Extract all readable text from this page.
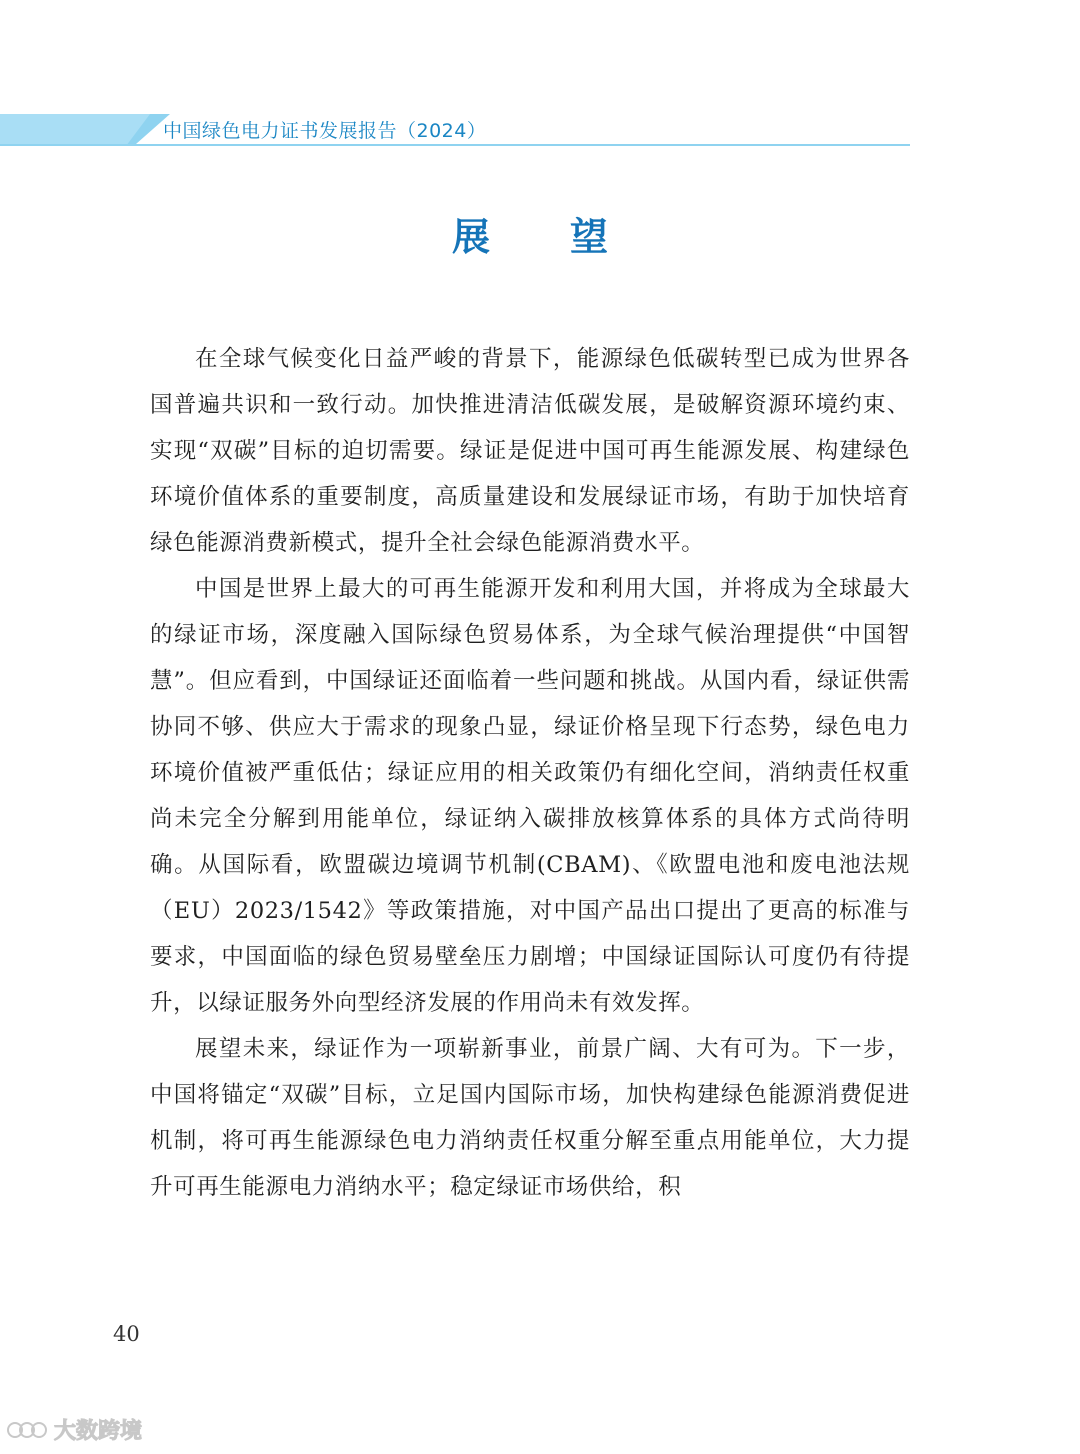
中国绿色电力证书发展报告（2024）
展望

在全球气候变化日益严峻的背景下，能源绿色低碳转型已成为世界各国普遍共识和一致行动。加快推进清洁低碳发展，是破解资源环境约束、实现“双碳”目标的迫切需要。绿证是促进中国可再生能源发展、构建绿色环境价值体系的重要制度，高质量建设和发展绿证市场，有助于加快培育绿色能源消费新模式，提升全社会绿色能源消费水平。

中国是世界上最大的可再生能源开发和利用大国，并将成为全球最大的绿证市场，深度融入国际绿色贸易体系，为全球气候治理提供“中国智慧”。但应看到，中国绿证还面临着一些问题和挑战。从国内看，绿证供需协同不够、供应大于需求的现象凸显，绿证价格呈现下行态势，绿色电力环境价值被严重低估；绿证应用的相关政策仍有细化空间，消纳责任权重尚未完全分解到用能单位，绿证纳入碳排放核算体系的具体方式尚待明确。从国际看，欧盟碳边境调节机制(CBAM)、《欧盟电池和废电池法规（EU）2023/1542》等政策措施，对中国产品出口提出了更高的标准与要求，中国面临的绿色贸易壁垒压力剧增；中国绿证国际认可度仍有待提升，以绿证服务外向型经济发展的作用尚未有效发挥。

展望未来，绿证作为一项崭新事业，前景广阔、大有可为。下一步，中国将锚定“双碳”目标，立足国内国际市场，加快构建绿色能源消费促进机制，将可再生能源绿色电力消纳责任权重分解至重点用能单位，大力提升可再生能源电力消纳水平；稳定绿证市场供给，积

40
大数跨境
